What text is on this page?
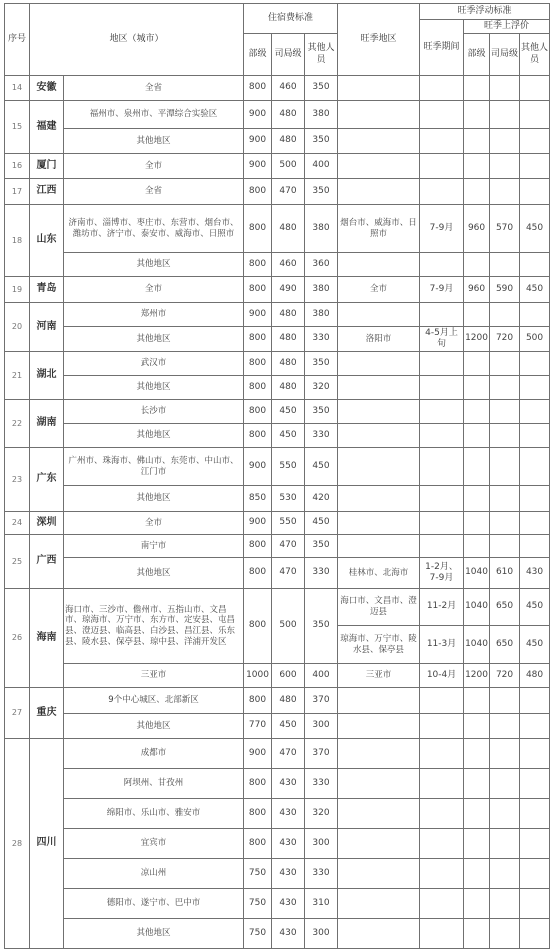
序号	地区（城市）		住宿费标准			旺季地区	旺季浮动标准			
							旺季期间	旺季上浮价		
			部级	司局级	其他人员			部级	司局级	其他人员
14	安徽	全省	800	460	350					
15	福建	福州市、泉州市、平潭综合实验区	900	480	380					
		其他地区	900	480	350					
16	厦门	全市	900	500	400					
17	江西	全省	800	470	350					
18	山东	济南市、淄博市、枣庄市、东营市、烟台市、潍坊市、济宁市、泰安市、威海市、日照市	800	480	380	烟台市、威海市、日照市	7-9月	960	570	450
		其他地区	800	460	360					
19	青岛	全市	800	490	380	全市	7-9月	960	590	450
20	河南	郑州市	900	480	380					
		其他地区	800	480	330	洛阳市	4-5月上旬	1200	720	500
21	湖北	武汉市	800	480	350					
		其他地区	800	480	320					
22	湖南	长沙市	800	450	350					
		其他地区	800	450	330					
23	广东	广州市、珠海市、佛山市、东莞市、中山市、江门市	900	550	450					
		其他地区	850	530	420					
24	深圳	全市	900	550	450					
25	广西	南宁市	800	470	350					
		其他地区	800	470	330	桂林市、北海市	1-2月、7-9月	1040	610	430
26	海南	海口市、三沙市、儋州市、五指山市、文昌市、琼海市、万宁市、东方市、定安县、屯昌县、澄迈县、临高县、白沙县、昌江县、乐东县、陵水县、保亭县、琼中县、洋浦开发区	800	500	350	海口市、文昌市、澄迈县	11-2月	1040	650	450
						琼海市、万宁市、陵水县、保亭县	11-3月	1040	650	450
		三亚市	1000	600	400	三亚市	10-4月	1200	720	480
27	重庆	9个中心城区、北部新区	800	480	370					
		其他地区	770	450	300					
28	四川	成都市	900	470	370					
		阿坝州、甘孜州	800	430	330					
		绵阳市、乐山市、雅安市	800	430	320					
		宜宾市	800	430	300					
		凉山州	750	430	330					
		德阳市、遂宁市、巴中市	750	430	310					
		其他地区	750	430	300					
